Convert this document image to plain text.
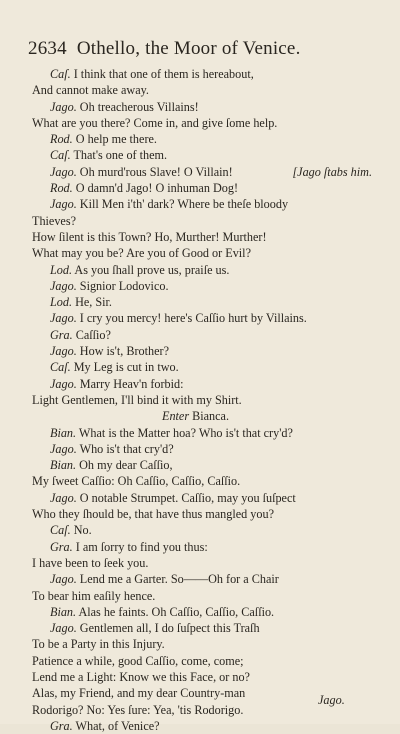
2634 Othello, the Moor of Venice.
Caſ. I think that one of them is hereabout,
And cannot make away.
Jago. Oh treacherous Villains!
What are you there? Come in, and give ſome help.
Rod. O help me there.
Caſ. That's one of them.
Jago. Oh murd'rous Slave! O Villain!	[Jago ſtabs him.
Rod. O damn'd Jago! O inhuman Dog!
Jago. Kill Men i'th' dark? Where be theſe bloody
Thieves?
How ſilent is this Town? Ho, Murther! Murther!
What may you be? Are you of Good or Evil?
Lod. As you ſhall prove us, praiſe us.
Jago. Signior Lodovico.
Lod. He, Sir.
Jago. I cry you mercy! here's Caſſio hurt by Villains.
Gra. Caſſio?
Jago. How is't, Brother?
Caſ. My Leg is cut in two.
Jago. Marry Heav'n forbid:
Light Gentlemen, I'll bind it with my Shirt.
Enter Bianca.
Bian. What is the Matter hoa? Who is't that cry'd?
Jago. Who is't that cry'd?
Bian. Oh my dear Caſſio,
My ſweet Caſſio: Oh Caſſio, Caſſio, Caſſio.
Jago. O notable Strumpet. Caſſio, may you ſuſpect
Who they ſhould be, that have thus mangled you?
Caſ. No.
Gra. I am ſorry to find you thus:
I have been to ſeek you.
Jago. Lend me a Garter. So——Oh for a Chair
To bear him eaſily hence.
Bian. Alas he faints. Oh Caſſio, Caſſio, Caſſio.
Jago. Gentlemen all, I do ſuſpect this Traſh
To be a Party in this Injury.
Patience a while, good Caſſio, come, come;
Lend me a Light: Know we this Face, or no?
Alas, my Friend, and my dear Country-man
Rodorigo? No: Yes ſure: Yea, 'tis Rodorigo.
Gra. What, of Venice?
Jago.
